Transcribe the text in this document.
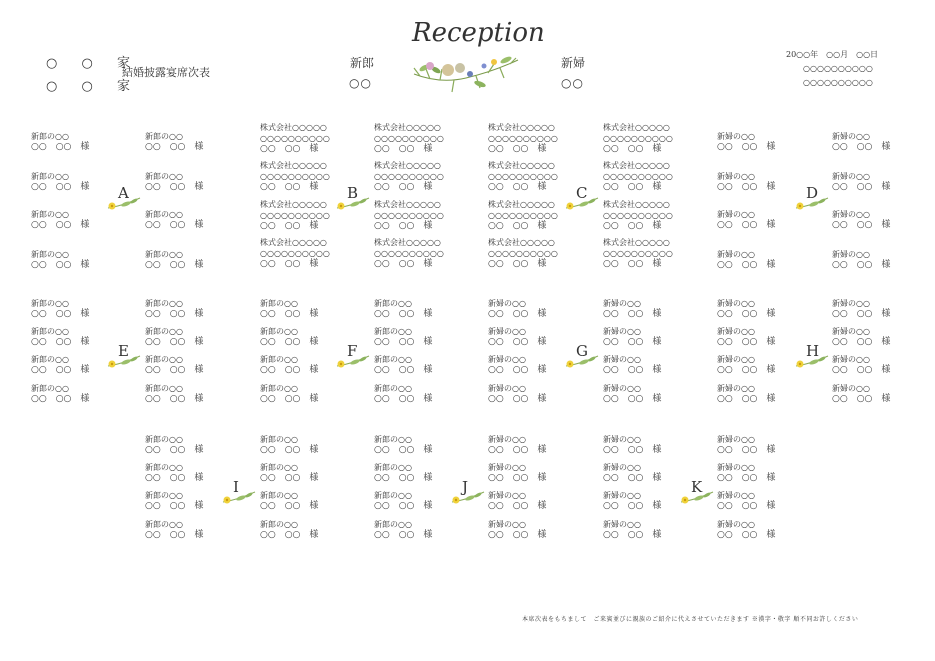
○ ○ 家
○ ○ 家
結婚披露宴席次表
新郎
○○
新婦
○○
Reception
20○○年　○○月　○○日
○○○○○○○○○○
○○○○○○○○○○
新郎の○○
○○　○○　様
新郎の○○
○○　○○　様
新郎の○○
○○　○○　様
新郎の○○
○○　○○　様
新郎の○○
○○　○○　様
新郎の○○
○○　○○　様
新郎の○○
○○　○○　様
新郎の○○
○○　○○　様
株式会社○○○○○
○○○○○○○○○○
○○　○○　様
株式会社○○○○○
○○○○○○○○○○
○○　○○　様
株式会社○○○○○
○○○○○○○○○○
○○　○○　様
株式会社○○○○○
○○○○○○○○○○
○○　○○　様
株式会社○○○○○
○○○○○○○○○○
○○　○○　様
株式会社○○○○○
○○○○○○○○○○
○○　○○　様
株式会社○○○○○
○○○○○○○○○○
○○　○○　様
株式会社○○○○○
○○○○○○○○○○
○○　○○　様
株式会社○○○○○
○○○○○○○○○○
○○　○○　様
株式会社○○○○○
○○○○○○○○○○
○○　○○　様
株式会社○○○○○
○○○○○○○○○○
○○　○○　様
株式会社○○○○○
○○○○○○○○○○
○○　○○　様
株式会社○○○○○
○○○○○○○○○○
○○　○○　様
株式会社○○○○○
○○○○○○○○○○
○○　○○　様
株式会社○○○○○
○○○○○○○○○○
○○　○○　様
株式会社○○○○○
○○○○○○○○○○
○○　○○　様
新婦の○○
○○　○○　様
新婦の○○
○○　○○　様
新婦の○○
○○　○○　様
新婦の○○
○○　○○　様
新婦の○○
○○　○○　様
新婦の○○
○○　○○　様
新婦の○○
○○　○○　様
新婦の○○
○○　○○　様
A	B	C	D
新郎の○○
○○　○○　様
新郎の○○
○○　○○　様
新郎の○○
○○　○○　様
新郎の○○
○○　○○　様
新郎の○○
○○　○○　様
新郎の○○
○○　○○　様
新郎の○○
○○　○○　様
新郎の○○
○○　○○　様
新郎の○○
○○　○○　様
新郎の○○
○○　○○　様
新郎の○○
○○　○○　様
新郎の○○
○○　○○　様
新郎の○○
○○　○○　様
新郎の○○
○○　○○　様
新郎の○○
○○　○○　様
新郎の○○
○○　○○　様
新婦の○○
○○　○○　様
新婦の○○
○○　○○　様
新婦の○○
○○　○○　様
新婦の○○
○○　○○　様
新婦の○○
○○　○○　様
新婦の○○
○○　○○　様
新婦の○○
○○　○○　様
新婦の○○
○○　○○　様
新婦の○○
○○　○○　様
新婦の○○
○○　○○　様
新婦の○○
○○　○○　様
新婦の○○
○○　○○　様
新婦の○○
○○　○○　様
新婦の○○
○○　○○　様
新婦の○○
○○　○○　様
新婦の○○
○○　○○　様
E	F	G	H
新郎の○○
○○　○○　様
新郎の○○
○○　○○　様
新郎の○○
○○　○○　様
新郎の○○
○○　○○　様
新郎の○○
○○　○○　様
新郎の○○
○○　○○　様
新郎の○○
○○　○○　様
新郎の○○
○○　○○　様
新郎の○○
○○　○○　様
新郎の○○
○○　○○　様
新郎の○○
○○　○○　様
新郎の○○
○○　○○　様
新婦の○○
○○　○○　様
新婦の○○
○○　○○　様
新婦の○○
○○　○○　様
新婦の○○
○○　○○　様
新婦の○○
○○　○○　様
新婦の○○
○○　○○　様
新婦の○○
○○　○○　様
新婦の○○
○○　○○　様
新婦の○○
○○　○○　様
新婦の○○
○○　○○　様
新婦の○○
○○　○○　様
新婦の○○
○○　○○　様
I	J	K
本席次表をもちまして　ご来賓並びに親族のご紹介に代えさせていただきます ※漢字・敬字 順不同お許しください
